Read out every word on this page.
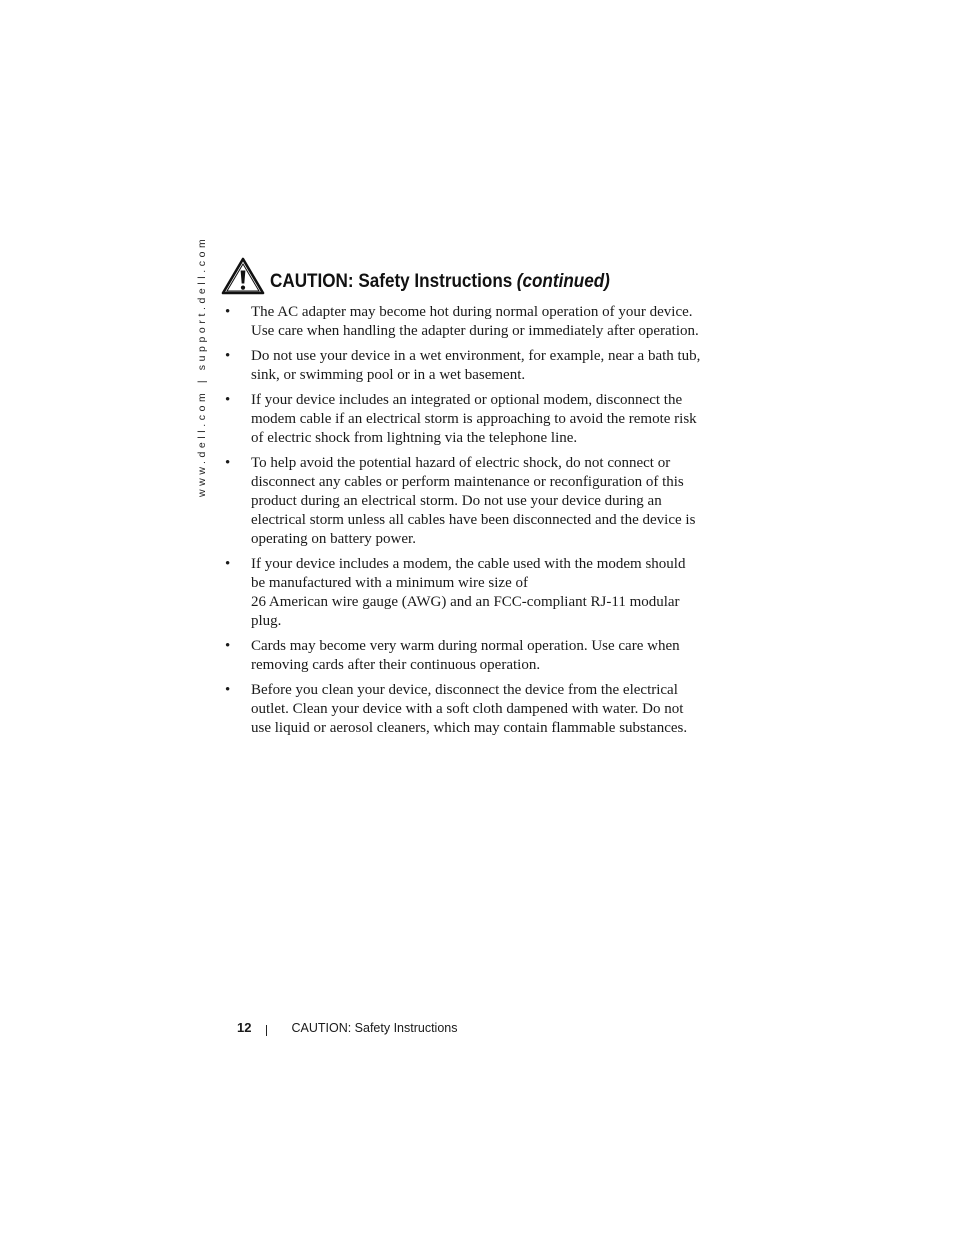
www.dell.com | support.dell.com	CAUTION: Safety Instructions (continued)
• The AC adapter may become hot during normal operation of your device.
Use care when handling the adapter during or immediately after operation.
• Do not use your device in a wet environment, for example, near a bath tub,
sink, or swimming pool or in a wet basement.
• If your device includes an integrated or optional modem, disconnect the
modem cable if an electrical storm is approaching to avoid the remote risk
of electric shock from lightning via the telephone line.
• To help avoid the potential hazard of electric shock, do not connect or
disconnect any cables or perform maintenance or reconfiguration of this
product during an electrical storm. Do not use your device during an
electrical storm unless all cables have been disconnected and the device is
operating on battery power.
• If your device includes a modem, the cable used with the modem should
be manufactured with a minimum wire size of
26 American wire gauge (AWG) and an FCC-compliant RJ-11 modular
plug.
• Cards may become very warm during normal operation. Use care when
removing cards after their continuous operation.
• Before you clean your device, disconnect the device from the electrical
outlet. Clean your device with a soft cloth dampened with water. Do not
use liquid or aerosol cleaners, which may contain flammable substances.
12	CAUTION: Safety Instructions
